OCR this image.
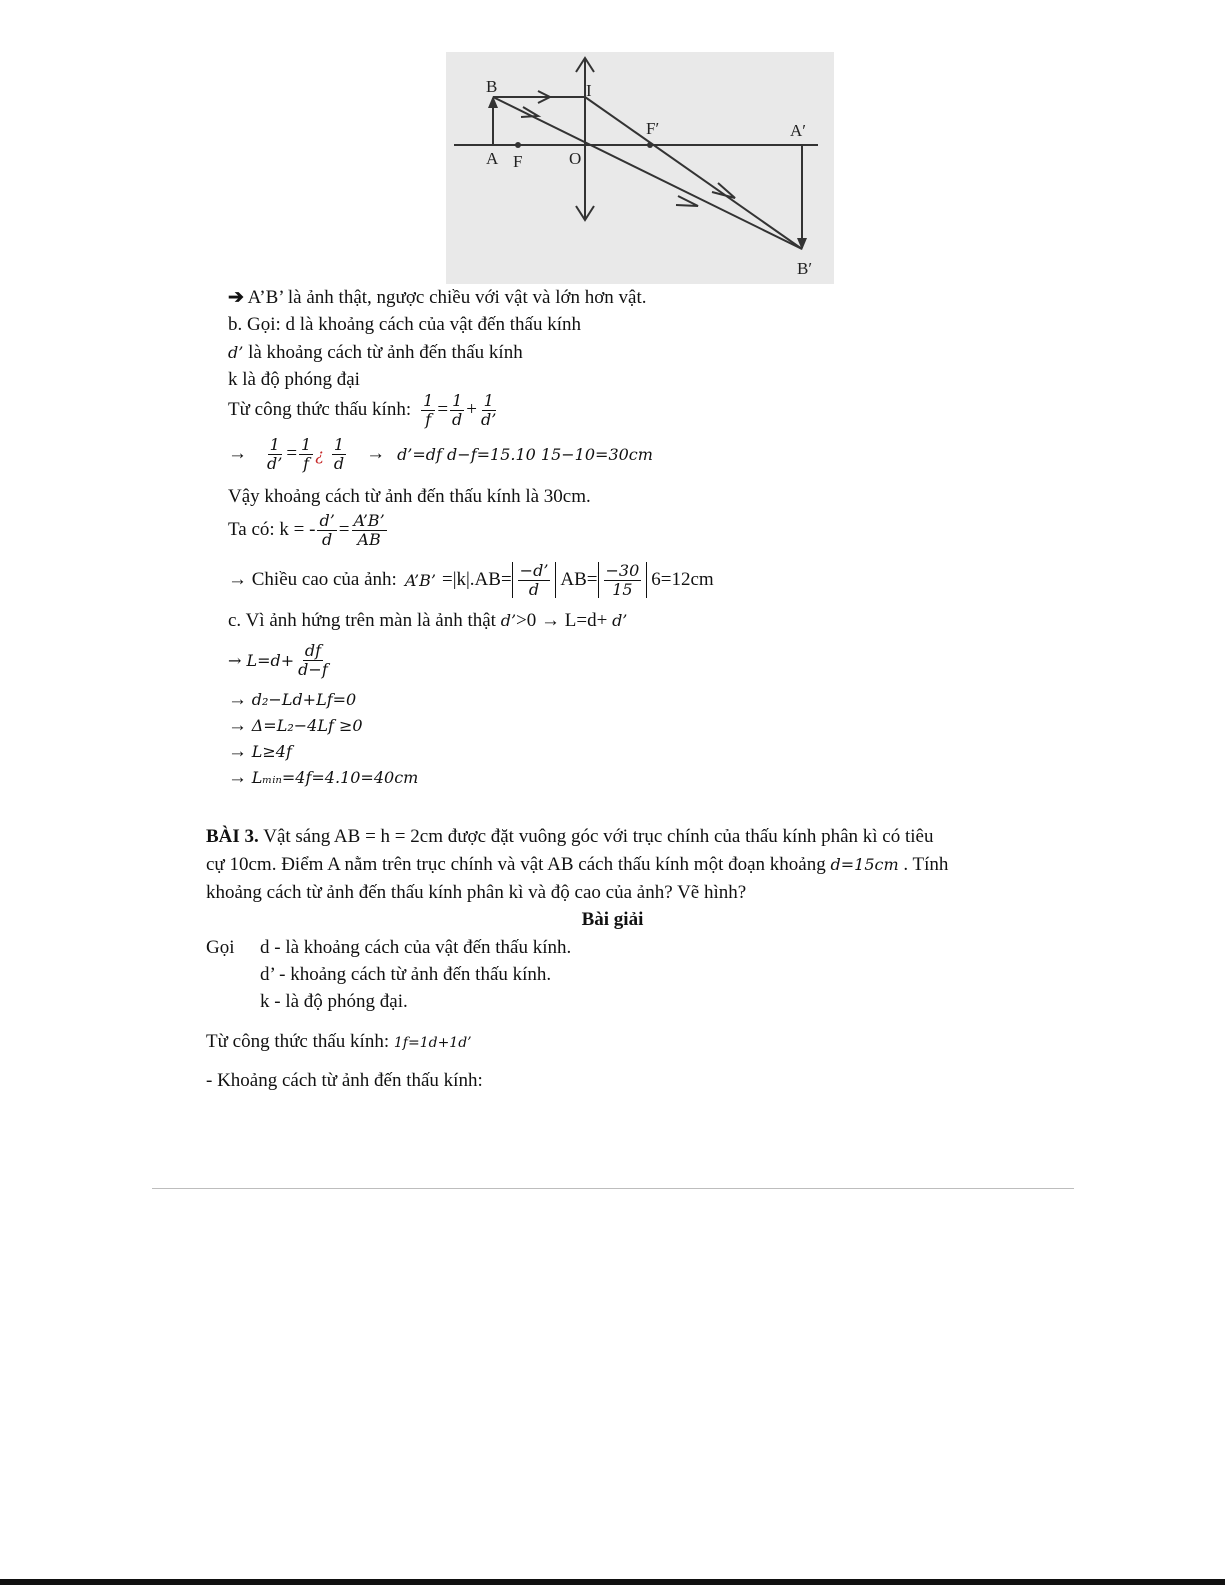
B	I
F′	A′
A F	O
B′
➔ A’B’ là ảnh thật, ngược chiều với vật và lớn hơn vật.
b. Gọi: d là khoảng cách của vật đến thấu kính
d’ là khoảng cách từ ảnh đến thấu kính
k là độ phóng đại
Từ công thức thấu kính: $\frac{1}{f} = \frac{1}{d} + \frac{1}{d’}$
→ $\frac{1}{d’} = \frac{1}{f}$ ¿ $\frac{1}{d}$ → d’=df d−f=15.10 15−10=30cm
Vậy khoảng cách từ ảnh đến thấu kính là 30cm.
Ta có: k = - $\frac{d’}{d} = \frac{A’B’}{AB}$
→ Chiều cao của ảnh: A’B’ $=|k|.AB= \frac{-d’}{d} AB= \frac{-30}{15} 6=12cm$
c. Vì ảnh hứng trên màn là ảnh thật d’>0 → L=d+ d’
→ $L=d+ \frac{df}{d-f}$
→ d₂−Ld+Lf=0
→ Δ=L₂−4Lf ≥0
→ L≥4f
→ Lₘᵢₙ=4f=4.10=40cm
BÀI 3. Vật sáng AB = h = 2cm được đặt vuông góc với trục chính của thấu kính phân kì có tiêu
cự 10cm. Điểm A nằm trên trục chính và vật AB cách thấu kính một đoạn khoảng d=15cm . Tính
khoảng cách từ ảnh đến thấu kính phân kì và độ cao của ảnh? Vẽ hình?
Bài giải
Gọi d - là khoảng cách của vật đến thấu kính.
d’ - khoảng cách từ ảnh đến thấu kính.
k - là độ phóng đại.
Từ công thức thấu kính: 1f=1d+1d’
- Khoảng cách từ ảnh đến thấu kính:
